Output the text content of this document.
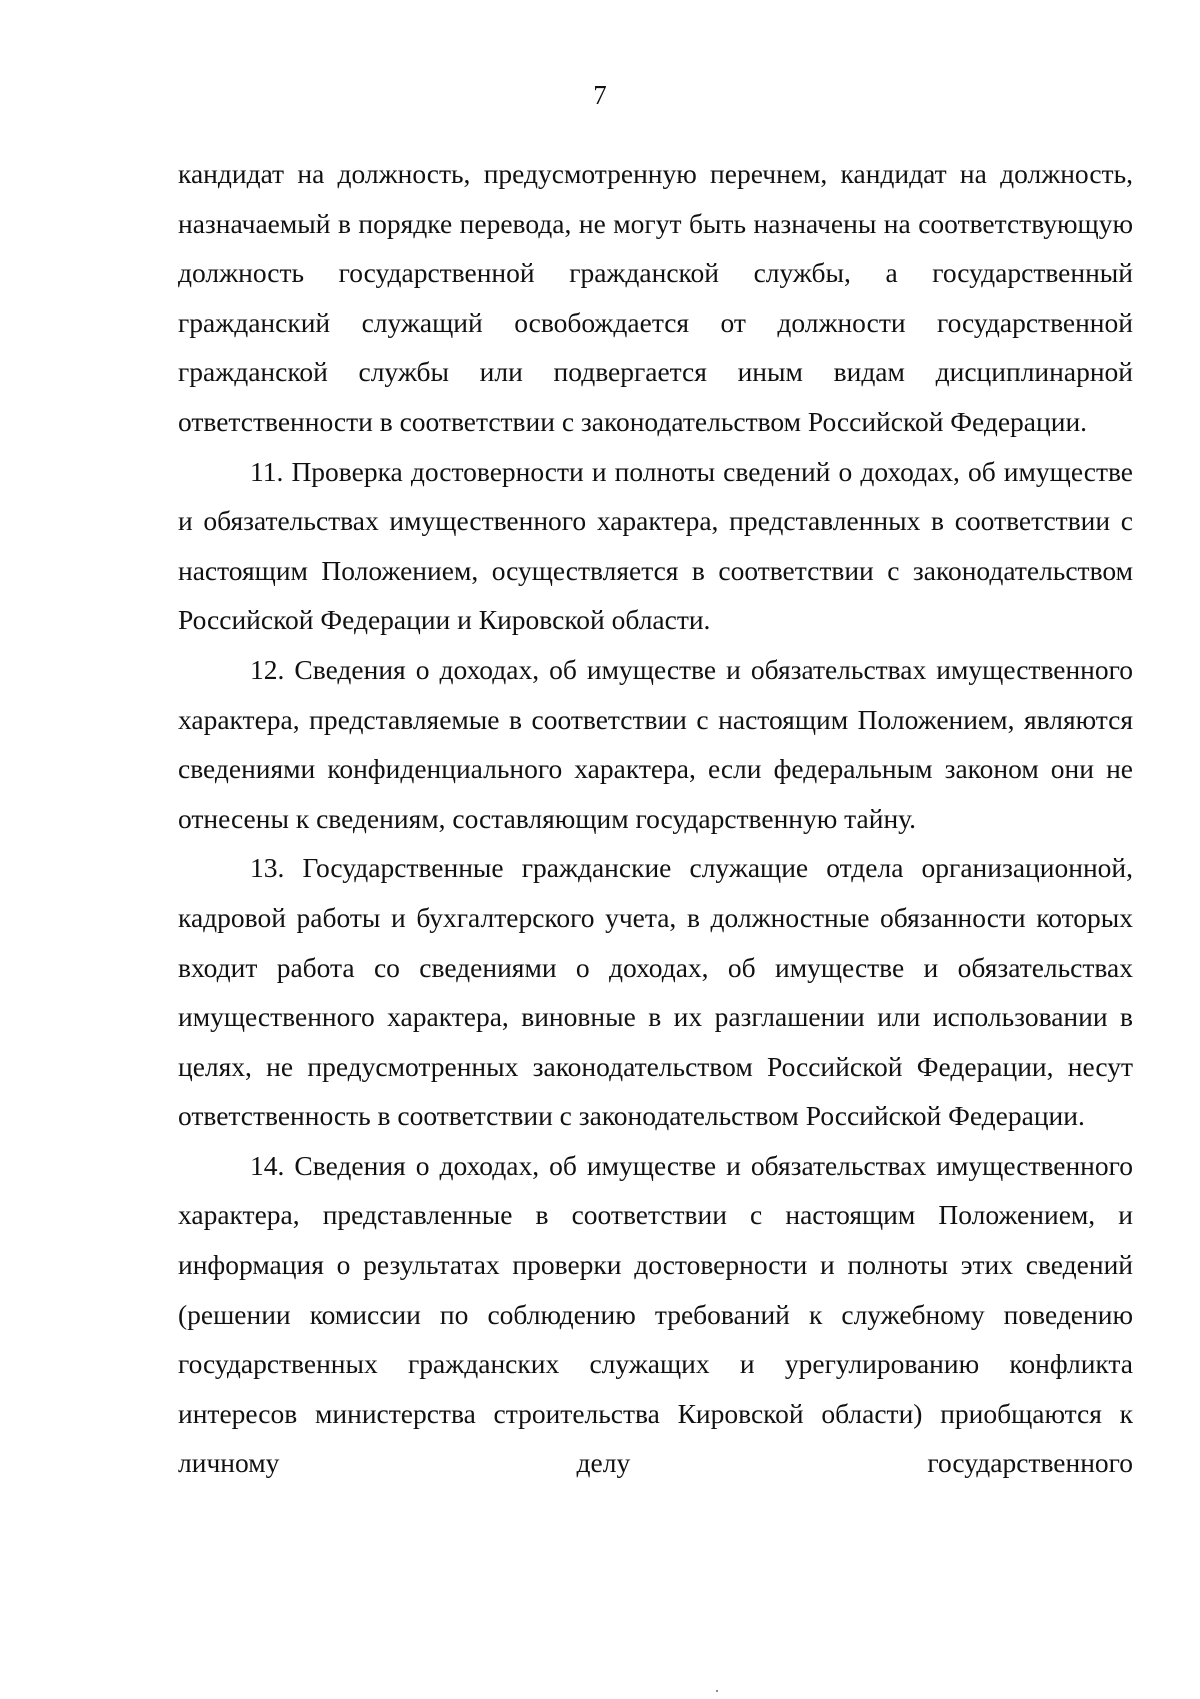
7

кандидат на должность, предусмотренную перечнем, кандидат на должность, назначаемый в порядке перевода, не могут быть назначены на соответствующую должность государственной гражданской службы, а государственный гражданский служащий освобождается от должности государственной гражданской службы или подвергается иным видам дисциплинарной ответственности в соответствии с законодательством Российской Федерации.

11. Проверка достоверности и полноты сведений о доходах, об имуществе и обязательствах имущественного характера, представленных в соответствии с настоящим Положением, осуществляется в соответствии с законодательством Российской Федерации и Кировской области.

12. Сведения о доходах, об имуществе и обязательствах имущественного характера, представляемые в соответствии с настоящим Положением, являются сведениями конфиденциального характера, если федеральным законом они не отнесены к сведениям, составляющим государственную тайну.

13. Государственные гражданские служащие отдела организационной, кадровой работы и бухгалтерского учета, в должностные обязанности которых входит работа со сведениями о доходах, об имуществе и обязательствах имущественного характера, виновные в их разглашении или использовании в целях, не предусмотренных законодательством Российской Федерации, несут ответственность в соответствии с законодательством Российской Федерации.

14. Сведения о доходах, об имуществе и обязательствах имущественного характера, представленные в соответствии с настоящим Положением, и информация о результатах проверки достоверности и полноты этих сведений (решении комиссии по соблюдению требований к служебному поведению государственных гражданских служащих и урегулированию конфликта интересов министерства строительства Кировской области) приобщаются к личному делу государственного
